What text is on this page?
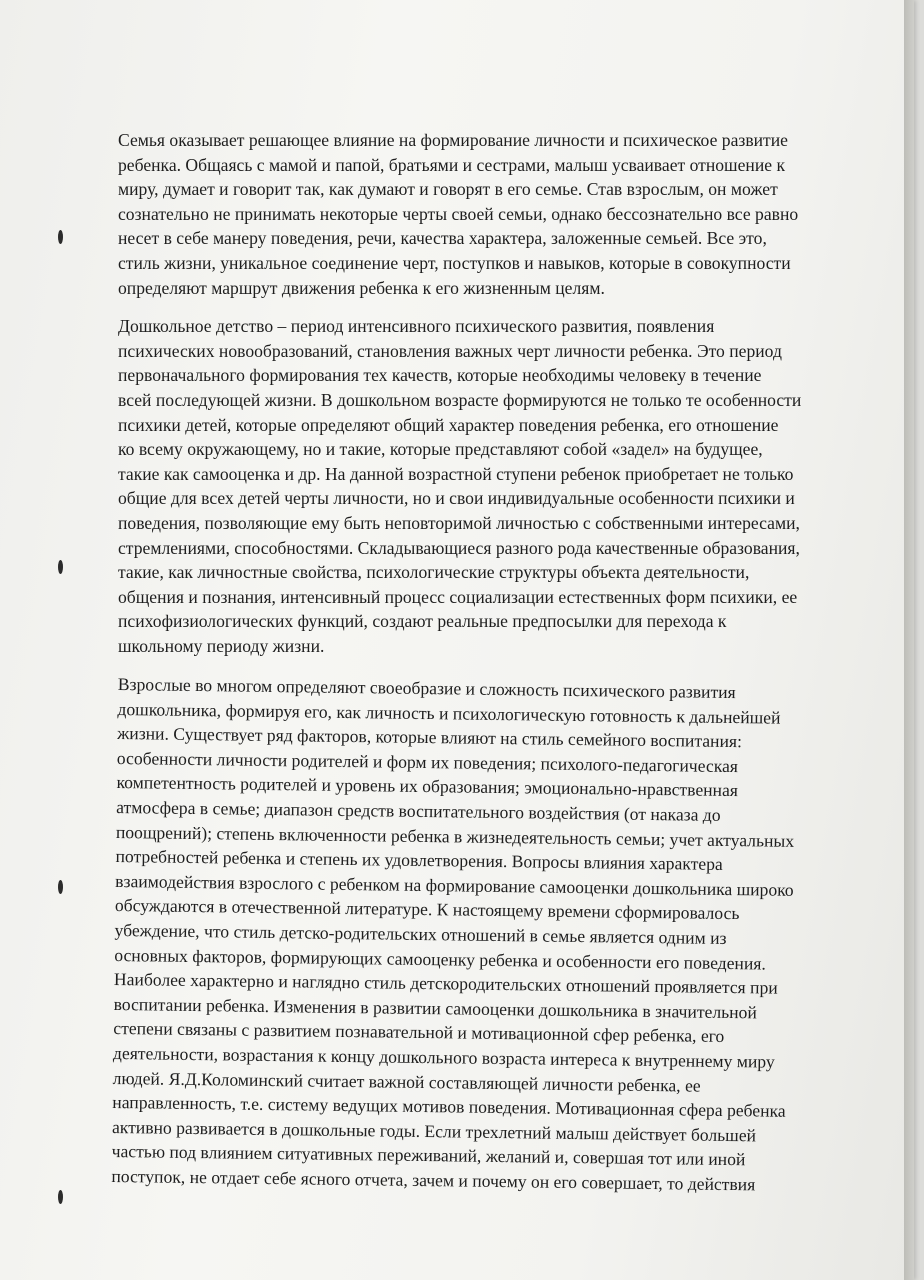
Семья оказывает решающее влияние на формирование личности и психическое развитие
ребенка. Общаясь с мамой и папой, братьями и сестрами, малыш усваивает отношение к
миру, думает и говорит так, как думают и говорят в его семье. Став взрослым, он может
сознательно не принимать некоторые черты своей семьи, однако бессознательно все равно
несет в себе манеру поведения, речи, качества характера, заложенные семьей. Все это,
стиль жизни, уникальное соединение черт, поступков и навыков, которые в совокупности
определяют маршрут движения ребенка к его жизненным целям.

Дошкольное детство – период интенсивного психического развития, появления
психических новообразований, становления важных черт личности ребенка. Это период
первоначального формирования тех качеств, которые необходимы человеку в течение
всей последующей жизни. В дошкольном возрасте формируются не только те особенности
психики детей, которые определяют общий характер поведения ребенка, его отношение
ко всему окружающему, но и такие, которые представляют собой «задел» на будущее,
такие как самооценка и др. На данной возрастной ступени ребенок приобретает не только
общие для всех детей черты личности, но и свои индивидуальные особенности психики и
поведения, позволяющие ему быть неповторимой личностью с собственными интересами,
стремлениями, способностями. Складывающиеся разного рода качественные образования,
такие, как личностные свойства, психологические структуры объекта деятельности,
общения и познания, интенсивный процесс социализации естественных форм психики, ее
психофизиологических функций, создают реальные предпосылки для перехода к
школьному периоду жизни.

Взрослые во многом определяют своеобразие и сложность психического развития
дошкольника, формируя его, как личность и психологическую готовность к дальнейшей
жизни. Существует ряд факторов, которые влияют на стиль семейного воспитания:
особенности личности родителей и форм их поведения; психолого-педагогическая
компетентность родителей и уровень их образования; эмоционально-нравственная
атмосфера в семье; диапазон средств воспитательного воздействия (от наказа до
поощрений); степень включенности ребенка в жизнедеятельность семьи; учет актуальных
потребностей ребенка и степень их удовлетворения. Вопросы влияния характера
взаимодействия взрослого с ребенком на формирование самооценки дошкольника широко
обсуждаются в отечественной литературе. К настоящему времени сформировалось
убеждение, что стиль детско-родительских отношений в семье является одним из
основных факторов, формирующих самооценку ребенка и особенности его поведения.
Наиболее характерно и наглядно стиль детскородительских отношений проявляется при
воспитании ребенка. Изменения в развитии самооценки дошкольника в значительной
степени связаны с развитием познавательной и мотивационной сфер ребенка, его
деятельности, возрастания к концу дошкольного возраста интереса к внутреннему миру
людей. Я.Д.Коломинский считает важной составляющей личности ребенка, ее
направленность, т.е. систему ведущих мотивов поведения. Мотивационная сфера ребенка
активно развивается в дошкольные годы. Если трехлетний малыш действует большей
частью под влиянием ситуативных переживаний, желаний и, совершая тот или иной
поступок, не отдает себе ясного отчета, зачем и почему он его совершает, то действия
